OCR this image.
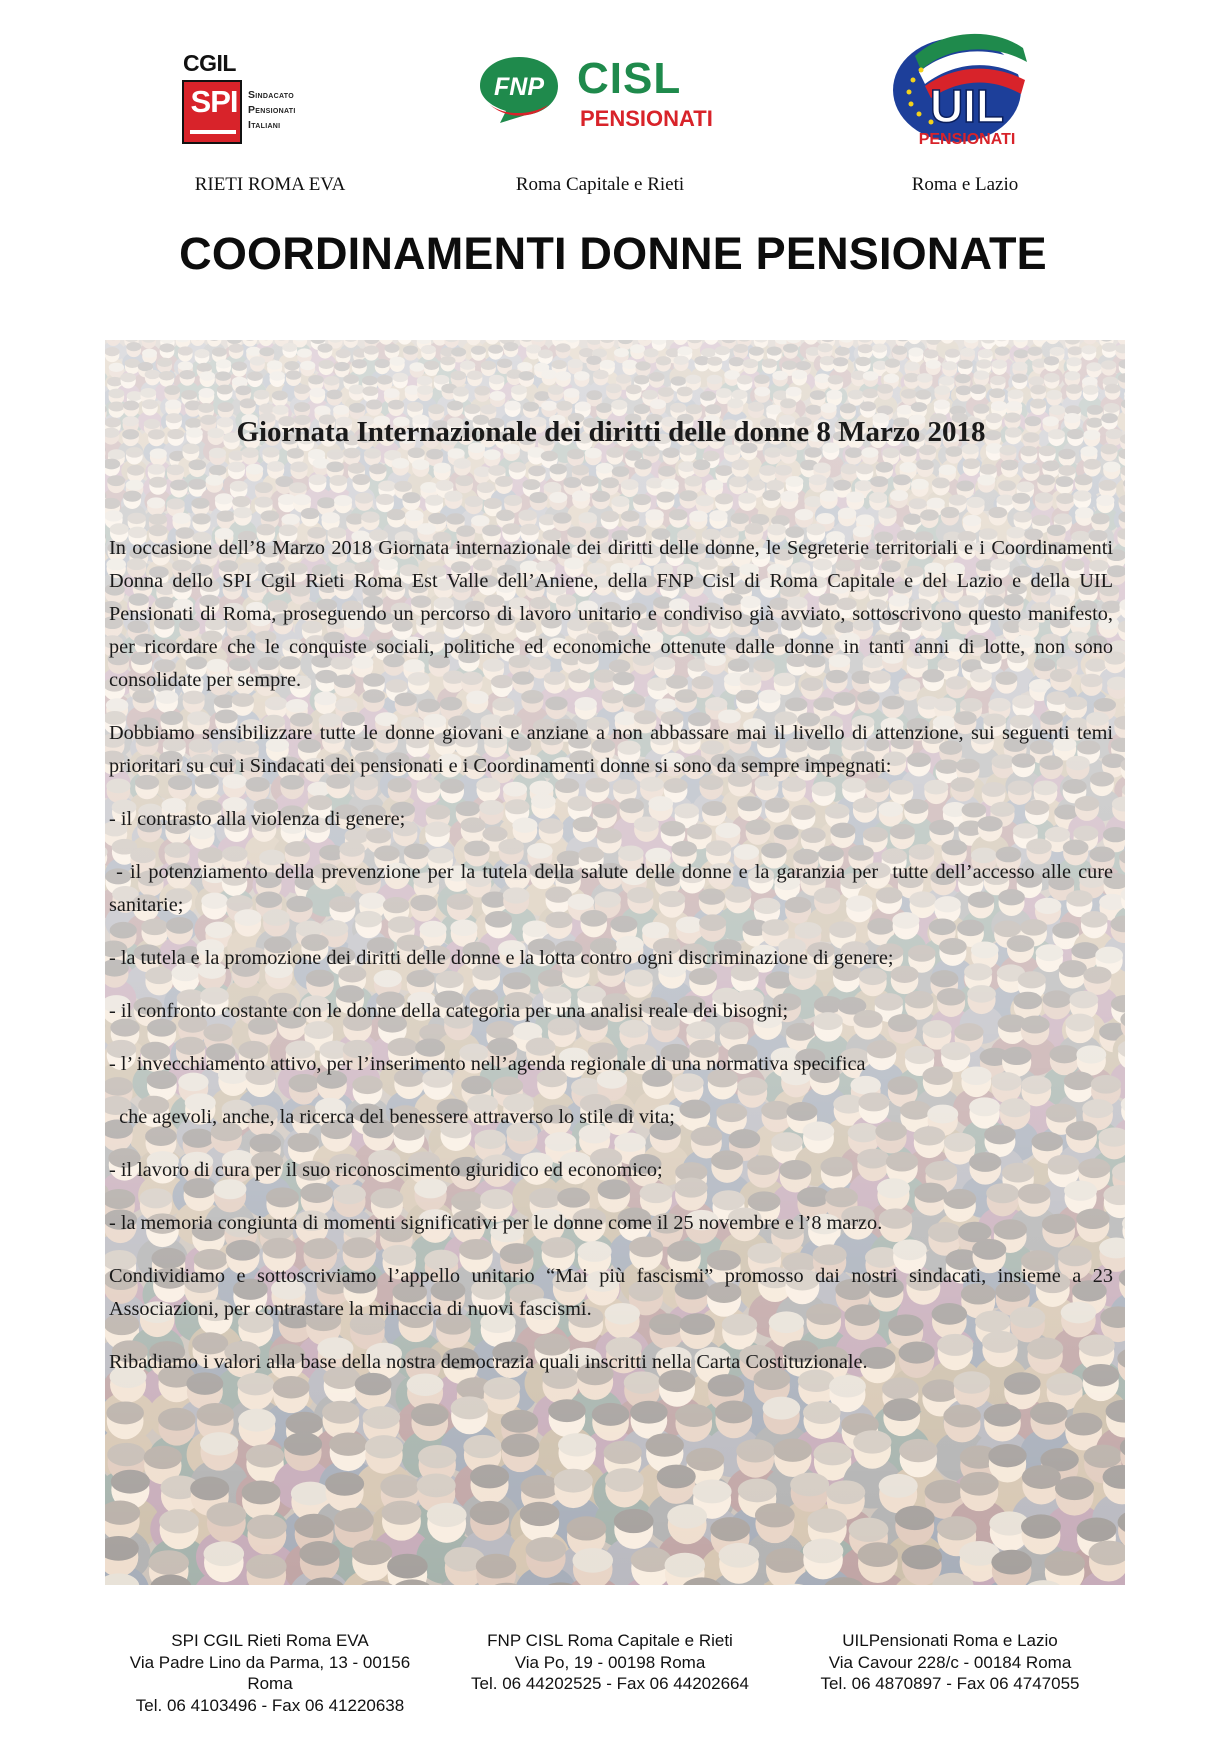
CGIL
SPI	Sindacato
Pensionati
Italiani
RIETI ROMA EVA
FNP CISL
PENSIONATI
Roma Capitale e Rieti
UIL
PENSIONATI
Roma e Lazio
COORDINAMENTI DONNE PENSIONATE
Giornata Internazionale dei diritti delle donne 8 Marzo 2018

In occasione dell’8 Marzo 2018 Giornata internazionale dei diritti delle donne, le Segreterie territoriali e i Coordinamenti Donna dello SPI Cgil Rieti Roma Est Valle dell’Aniene, della FNP Cisl di Roma Capitale e del Lazio e della UIL Pensionati di Roma, proseguendo un percorso di lavoro unitario e condiviso già avviato, sottoscrivono questo manifesto, per ricordare che le conquiste sociali, politiche ed economiche ottenute dalle donne in tanti anni di lotte, non sono consolidate per sempre.

Dobbiamo sensibilizzare tutte le donne giovani e anziane a non abbassare mai il livello di attenzione, sui seguenti temi prioritari su cui i Sindacati dei pensionati e i Coordinamenti donne si sono da sempre impegnati:

- il contrasto alla violenza di genere;

- il potenziamento della prevenzione per la tutela della salute delle donne e la garanzia per  tutte dell’accesso alle cure sanitarie;

- la tutela e la promozione dei diritti delle donne e la lotta contro ogni discriminazione di genere;

- il confronto costante con le donne della categoria per una analisi reale dei bisogni;

- l’ invecchiamento attivo, per l’inserimento nell’agenda regionale di una normativa specifica

che agevoli, anche, la ricerca del benessere attraverso lo stile di vita;

- il lavoro di cura per il suo riconoscimento giuridico ed economico;

- la memoria congiunta di momenti significativi per le donne come il 25 novembre e l’8 marzo.

Condividiamo e sottoscriviamo l’appello unitario “Mai più fascismi” promosso dai nostri sindacati, insieme a 23 Associazioni, per contrastare la minaccia di nuovi fascismi.

Ribadiamo i valori alla base della nostra democrazia quali inscritti nella Carta Costituzionale.

SPI CGIL Rieti Roma EVA
Via Padre Lino da Parma, 13 - 00156
Roma
Tel. 06 4103496 - Fax 06 41220638
FNP CISL Roma Capitale e Rieti
Via Po, 19 - 00198 Roma
Tel. 06 44202525 - Fax 06 44202664
UILPensionati Roma e Lazio
Via Cavour 228/c - 00184 Roma
Tel. 06 4870897 - Fax 06 4747055
